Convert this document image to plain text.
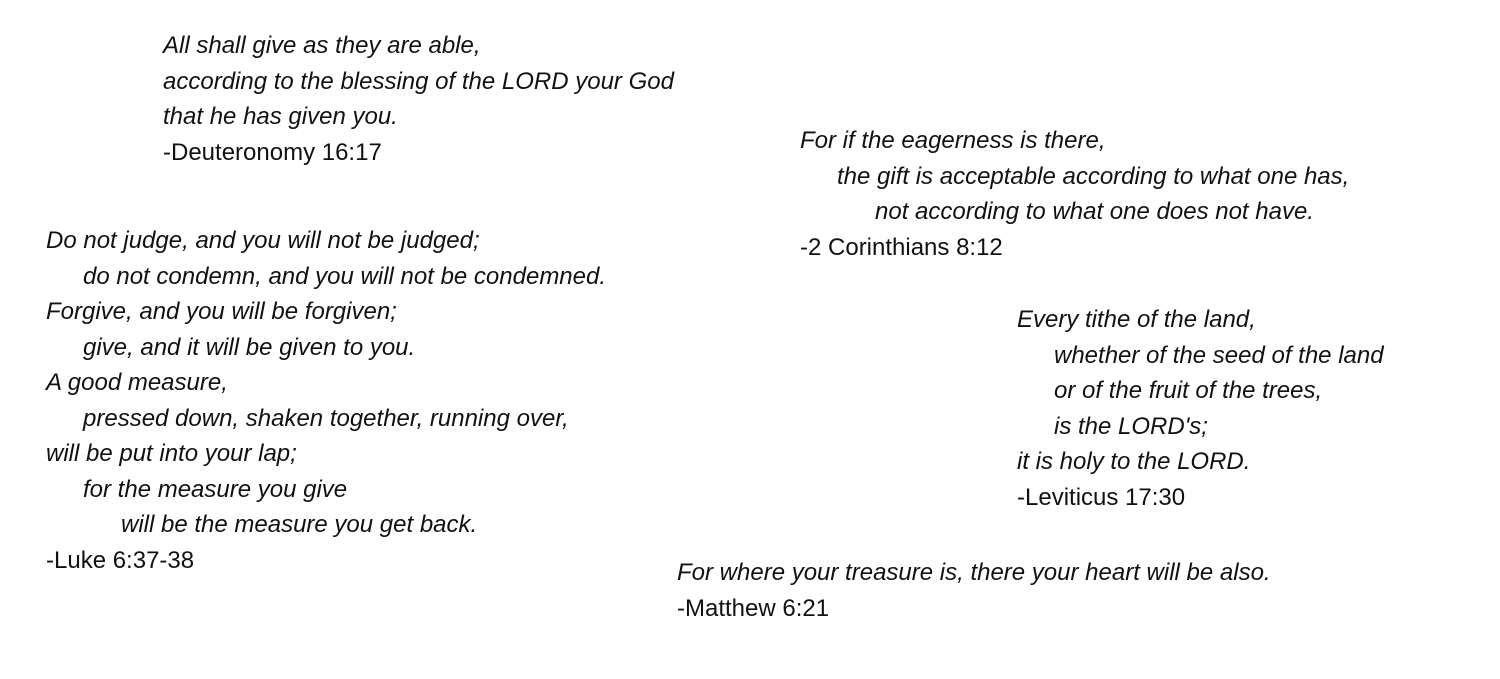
All shall give as they are able,
according to the blessing of the LORD your God
that he has given you.
-Deuteronomy 16:17	For if the eagerness is there,
the gift is acceptable according to what one has,
not according to what one does not have.
-2 Corinthians 8:12
Do not judge, and you will not be judged;
do not condemn, and you will not be condemned.
Forgive, and you will be forgiven;
give, and it will be given to you.
A good measure,
pressed down, shaken together, running over,
will be put into your lap;
for the measure you give
will be the measure you get back.
-Luke 6:37-38
Every tithe of the land,
whether of the seed of the land
or of the fruit of the trees,
is the LORD's;
it is holy to the LORD.
-Leviticus 17:30
For where your treasure is, there your heart will be also.
-Matthew 6:21
